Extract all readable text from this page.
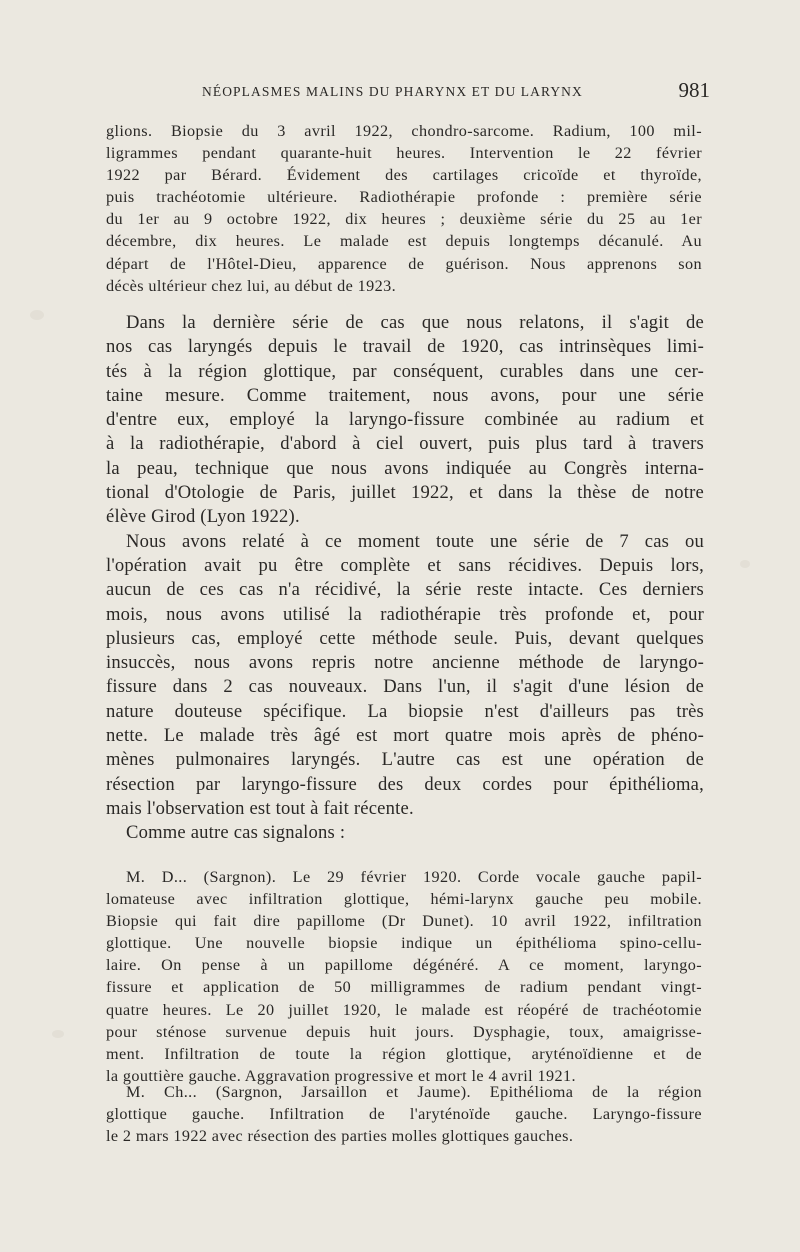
NÉOPLASMES MALINS DU PHARYNX ET DU LARYNX	981
glions. Biopsie du 3 avril 1922, chondro-sarcome. Radium, 100 mil-
ligrammes pendant quarante-huit heures. Intervention le 22 février
1922 par Bérard. Évidement des cartilages cricoïde et thyroïde,
puis trachéotomie ultérieure. Radiothérapie profonde : première série
du 1er au 9 octobre 1922, dix heures ; deuxième série du 25 au 1er
décembre, dix heures. Le malade est depuis longtemps décanulé. Au
départ de l'Hôtel-Dieu, apparence de guérison. Nous apprenons son
décès ultérieur chez lui, au début de 1923.
Dans la dernière série de cas que nous relatons, il s'agit de
nos cas laryngés depuis le travail de 1920, cas intrinsèques limi-
tés à la région glottique, par conséquent, curables dans une cer-
taine mesure. Comme traitement, nous avons, pour une série
d'entre eux, employé la laryngo-fissure combinée au radium et
à la radiothérapie, d'abord à ciel ouvert, puis plus tard à travers
la peau, technique que nous avons indiquée au Congrès interna-
tional d'Otologie de Paris, juillet 1922, et dans la thèse de notre
élève Girod (Lyon 1922).
Nous avons relaté à ce moment toute une série de 7 cas ou
l'opération avait pu être complète et sans récidives. Depuis lors,
aucun de ces cas n'a récidivé, la série reste intacte. Ces derniers
mois, nous avons utilisé la radiothérapie très profonde et, pour
plusieurs cas, employé cette méthode seule. Puis, devant quelques
insuccès, nous avons repris notre ancienne méthode de laryngo-
fissure dans 2 cas nouveaux. Dans l'un, il s'agit d'une lésion de
nature douteuse spécifique. La biopsie n'est d'ailleurs pas très
nette. Le malade très âgé est mort quatre mois après de phéno-
mènes pulmonaires laryngés. L'autre cas est une opération de
résection par laryngo-fissure des deux cordes pour épithélioma,
mais l'observation est tout à fait récente.
Comme autre cas signalons :
M. D... (Sargnon). Le 29 février 1920. Corde vocale gauche papil-
lomateuse avec infiltration glottique, hémi-larynx gauche peu mobile.
Biopsie qui fait dire papillome (Dr Dunet). 10 avril 1922, infiltration
glottique. Une nouvelle biopsie indique un épithélioma spino-cellu-
laire. On pense à un papillome dégénéré. A ce moment, laryngo-
fissure et application de 50 milligrammes de radium pendant vingt-
quatre heures. Le 20 juillet 1920, le malade est réopéré de trachéotomie
pour sténose survenue depuis huit jours. Dysphagie, toux, amaigrisse-
ment. Infiltration de toute la région glottique, aryténoïdienne et de
la gouttière gauche. Aggravation progressive et mort le 4 avril 1921.
M. Ch... (Sargnon, Jarsaillon et Jaume). Epithélioma de la région
glottique gauche. Infiltration de l'aryténoïde gauche. Laryngo-fissure
le 2 mars 1922 avec résection des parties molles glottiques gauches.
